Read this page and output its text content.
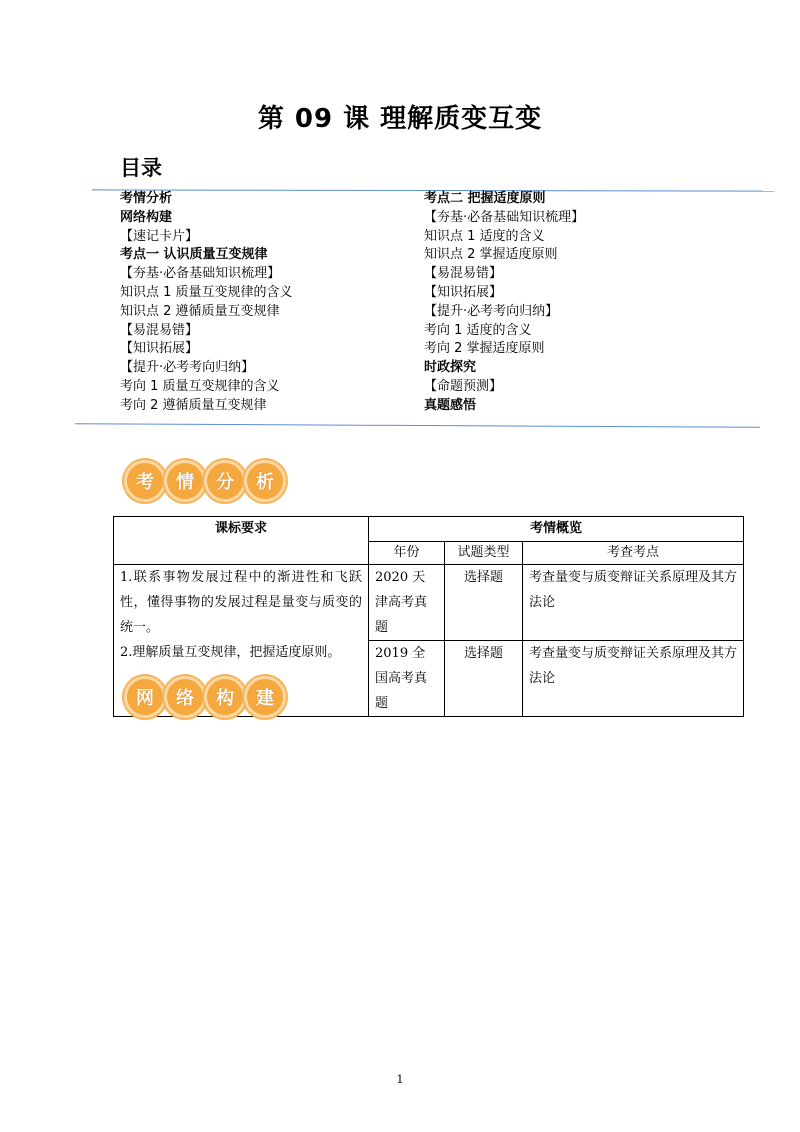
第 09 课 理解质变互变
目录
考情分析
网络构建
【速记卡片】
考点一 认识质量互变规律
【夯基·必备基础知识梳理】
知识点 1 质量互变规律的含义
知识点 2 遵循质量互变规律
【易混易错】
【知识拓展】
【提升·必考考向归纳】
考向 1 质量互变规律的含义
考向 2 遵循质量互变规律
考点二 把握适度原则
【夯基·必备基础知识梳理】
知识点 1 适度的含义
知识点 2 掌握适度原则
【易混易错】
【知识拓展】
【提升·必考考向归纳】
考向 1 适度的含义
考向 2 掌握适度原则
时政探究
【命题预测】
真题感悟
考	情	分	析
课标要求	考情概览		
	年份	试题类型	考查考点
1.联系事物发展过程中的渐进性和飞跃性，懂得事物的发展过程是量变与质变的统一。
2.理解质量互变规律，把握适度原则。	2020 天津高考真题	选择题	考查量变与质变辩证关系原理及其方法论
	2019 全国高考真题	选择题	考查量变与质变辩证关系原理及其方法论
网	络	构	建
1
